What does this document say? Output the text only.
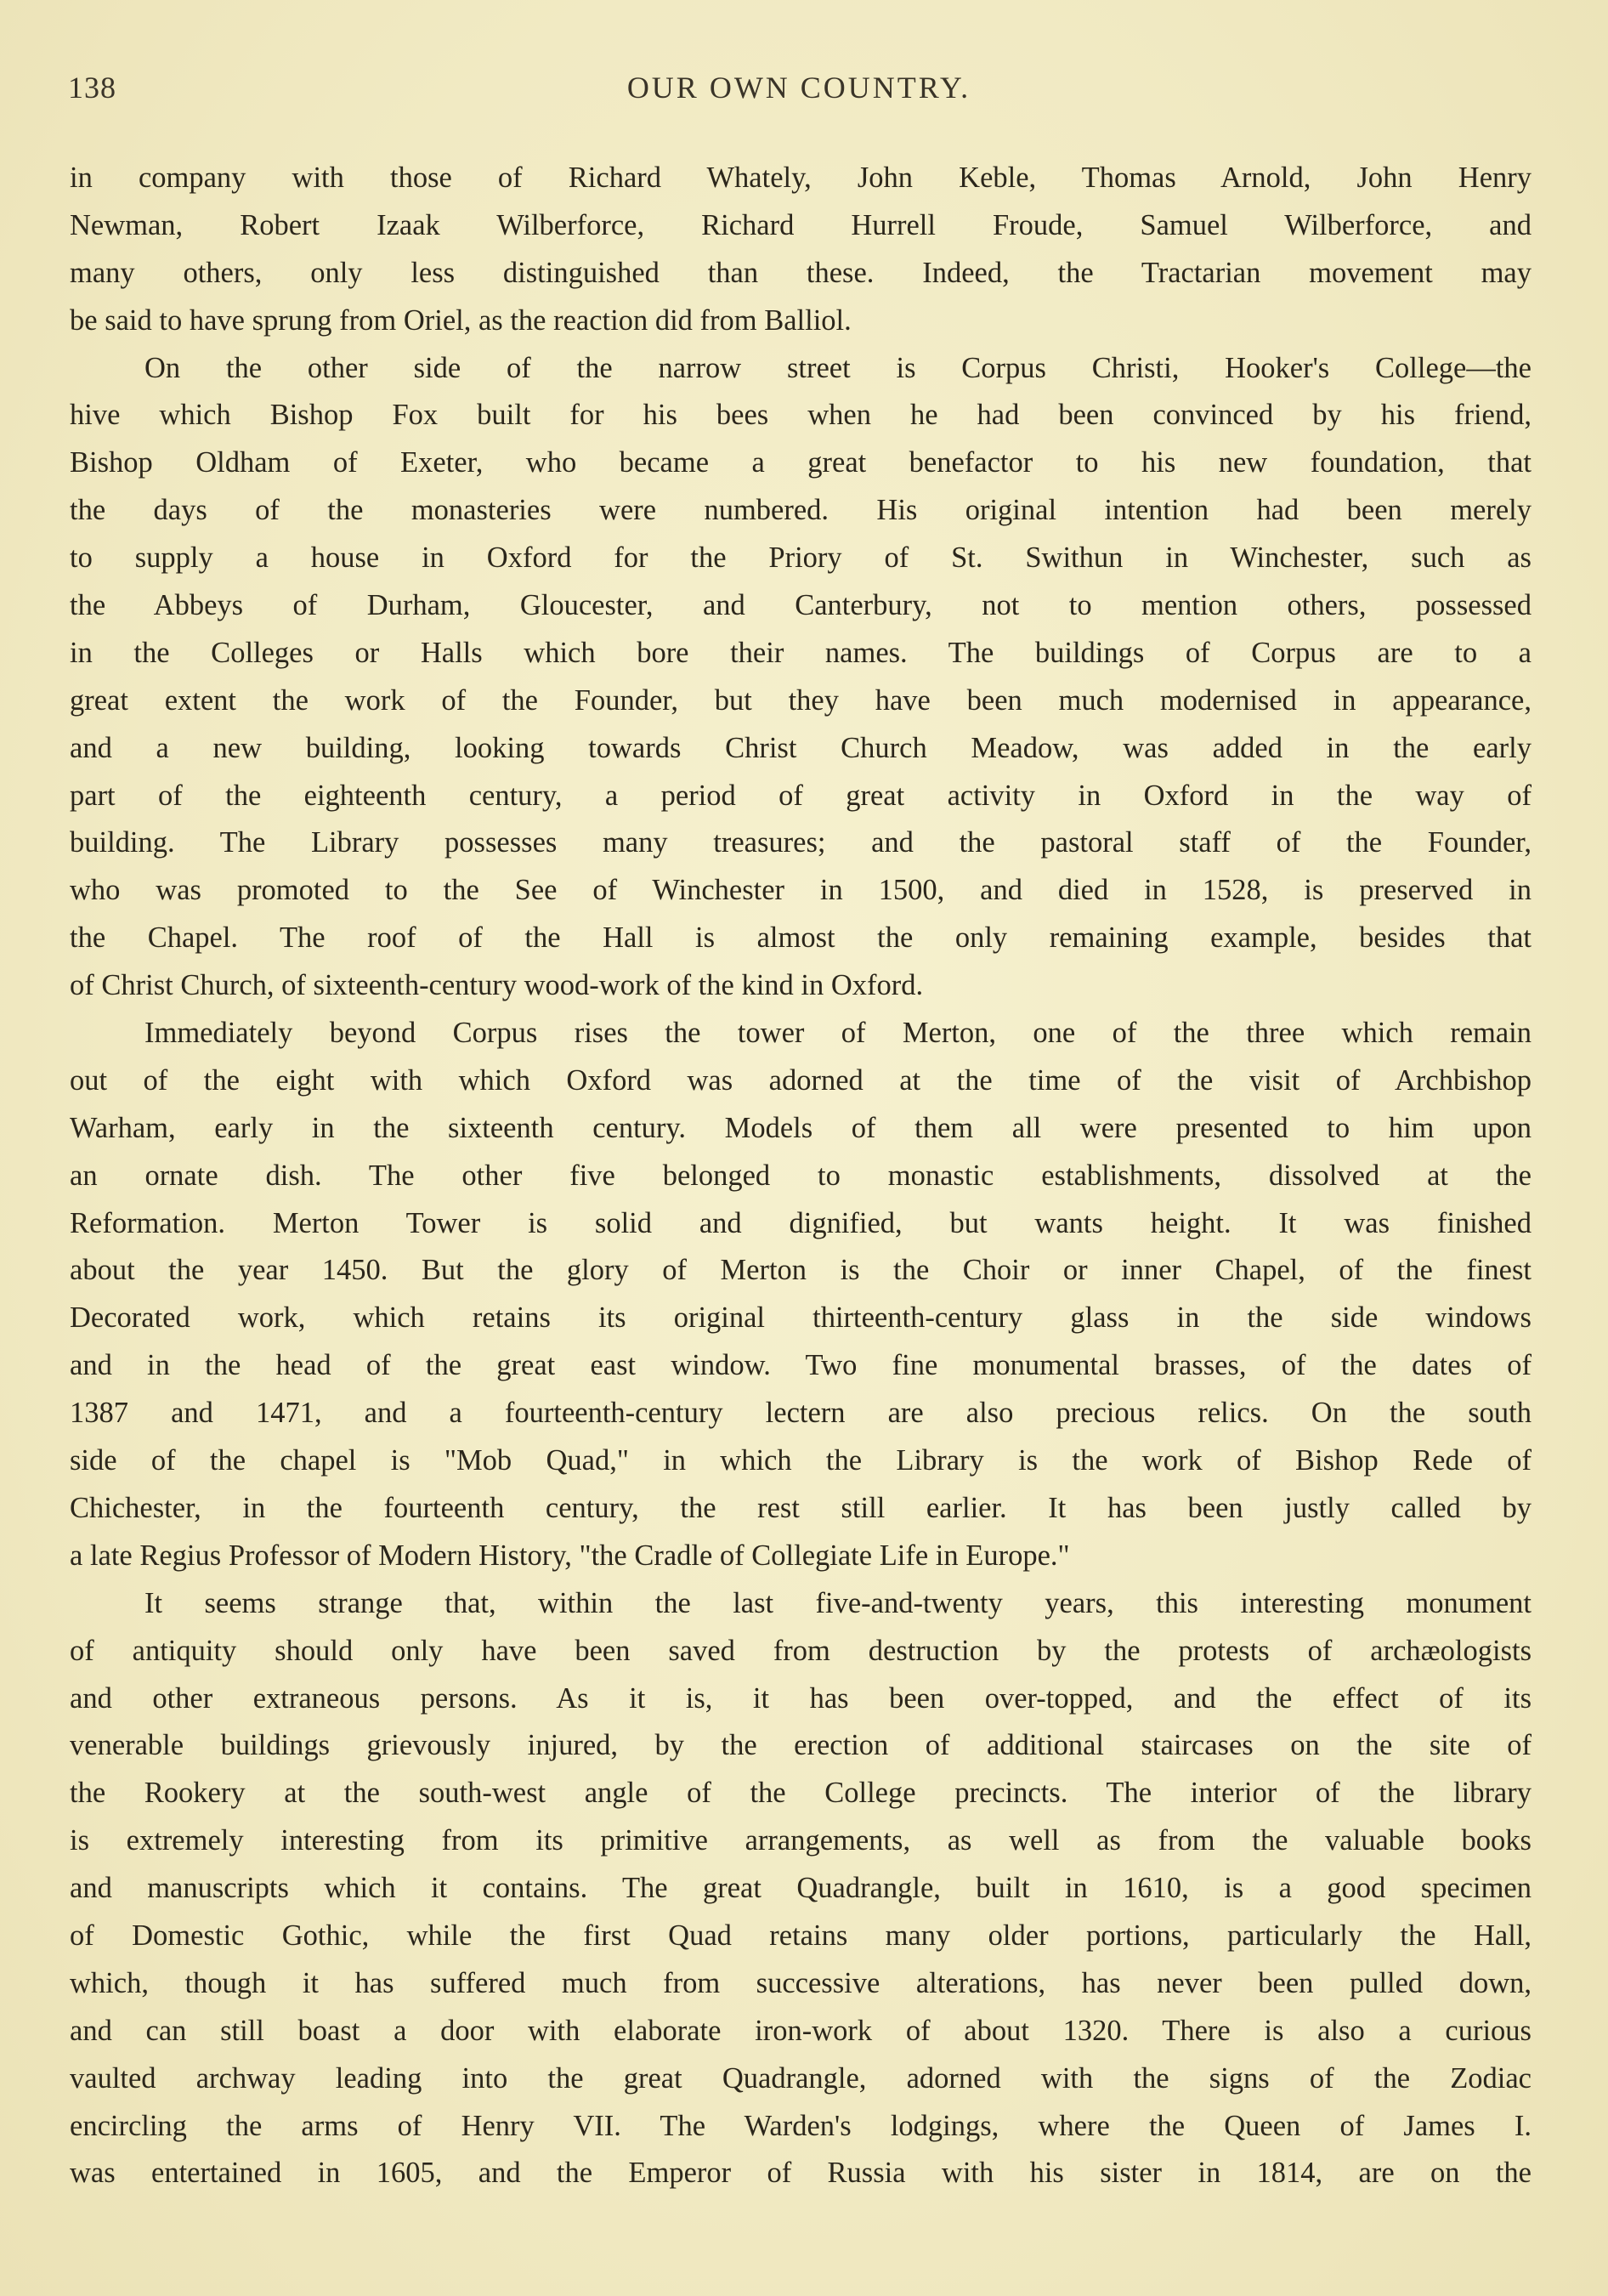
138	OUR OWN COUNTRY.
in company with those of Richard Whately, John Keble, Thomas Arnold, John Henry
Newman, Robert Izaak Wilberforce, Richard Hurrell Froude, Samuel Wilberforce, and
many others, only less distinguished than these. Indeed, the Tractarian movement may
be said to have sprung from Oriel, as the reaction did from Balliol.
On the other side of the narrow street is Corpus Christi, Hooker's College—the
hive which Bishop Fox built for his bees when he had been convinced by his friend,
Bishop Oldham of Exeter, who became a great benefactor to his new foundation, that
the days of the monasteries were numbered. His original intention had been merely
to supply a house in Oxford for the Priory of St. Swithun in Winchester, such as
the Abbeys of Durham, Gloucester, and Canterbury, not to mention others, possessed
in the Colleges or Halls which bore their names. The buildings of Corpus are to a
great extent the work of the Founder, but they have been much modernised in appearance,
and a new building, looking towards Christ Church Meadow, was added in the early
part of the eighteenth century, a period of great activity in Oxford in the way of
building. The Library possesses many treasures; and the pastoral staff of the Founder,
who was promoted to the See of Winchester in 1500, and died in 1528, is preserved in
the Chapel. The roof of the Hall is almost the only remaining example, besides that
of Christ Church, of sixteenth-century wood-work of the kind in Oxford.
Immediately beyond Corpus rises the tower of Merton, one of the three which remain
out of the eight with which Oxford was adorned at the time of the visit of Archbishop
Warham, early in the sixteenth century. Models of them all were presented to him upon
an ornate dish. The other five belonged to monastic establishments, dissolved at the
Reformation. Merton Tower is solid and dignified, but wants height. It was finished
about the year 1450. But the glory of Merton is the Choir or inner Chapel, of the finest
Decorated work, which retains its original thirteenth-century glass in the side windows
and in the head of the great east window. Two fine monumental brasses, of the dates of
1387 and 1471, and a fourteenth-century lectern are also precious relics. On the south
side of the chapel is "Mob Quad," in which the Library is the work of Bishop Rede of
Chichester, in the fourteenth century, the rest still earlier. It has been justly called by
a late Regius Professor of Modern History, "the Cradle of Collegiate Life in Europe."
It seems strange that, within the last five-and-twenty years, this interesting monument
of antiquity should only have been saved from destruction by the protests of archæologists
and other extraneous persons. As it is, it has been over-topped, and the effect of its
venerable buildings grievously injured, by the erection of additional staircases on the site of
the Rookery at the south-west angle of the College precincts. The interior of the library
is extremely interesting from its primitive arrangements, as well as from the valuable books
and manuscripts which it contains. The great Quadrangle, built in 1610, is a good specimen
of Domestic Gothic, while the first Quad retains many older portions, particularly the Hall,
which, though it has suffered much from successive alterations, has never been pulled down,
and can still boast a door with elaborate iron-work of about 1320. There is also a curious
vaulted archway leading into the great Quadrangle, adorned with the signs of the Zodiac
encircling the arms of Henry VII. The Warden's lodgings, where the Queen of James I.
was entertained in 1605, and the Emperor of Russia with his sister in 1814, are on the
